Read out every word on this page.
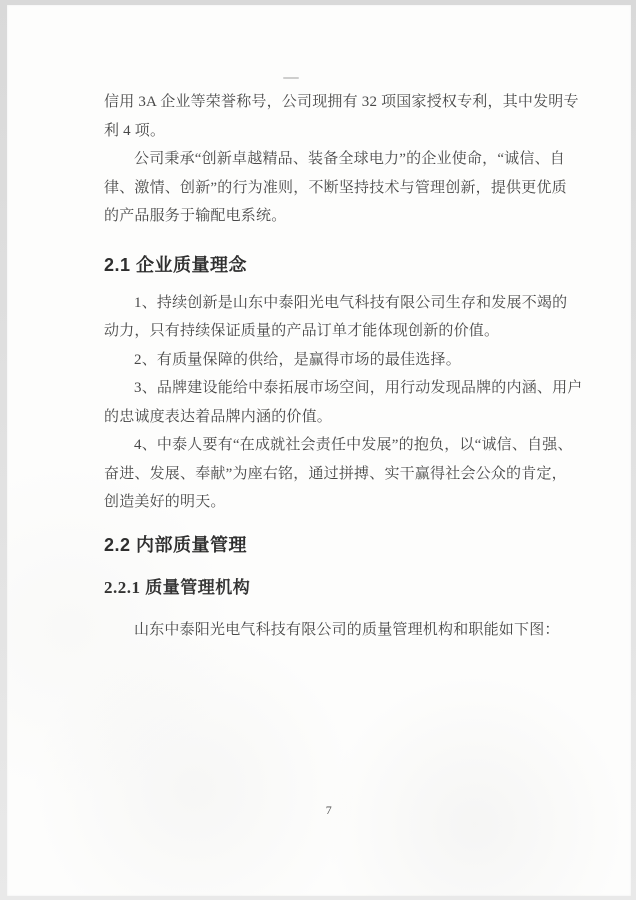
信用 3A 企业等荣誉称号，公司现拥有 32 项国家授权专利，其中发明专

利 4 项。

公司秉承“创新卓越精品、装备全球电力”的企业使命，“诚信、自

律、激情、创新”的行为准则，不断坚持技术与管理创新，提供更优质

的产品服务于输配电系统。

2.1 企业质量理念

1、持续创新是山东中泰阳光电气科技有限公司生存和发展不竭的

动力，只有持续保证质量的产品订单才能体现创新的价值。

2、有质量保障的供给，是赢得市场的最佳选择。

3、品牌建设能给中泰拓展市场空间，用行动发现品牌的内涵、用户

的忠诚度表达着品牌内涵的价值。

4、中泰人要有“在成就社会责任中发展”的抱负，以“诚信、自强、

奋进、发展、奉献”为座右铭，通过拼搏、实干赢得社会公众的肯定，

创造美好的明天。

2.2 内部质量管理
2.2.1 质量管理机构

山东中泰阳光电气科技有限公司的质量管理机构和职能如下图：

7
